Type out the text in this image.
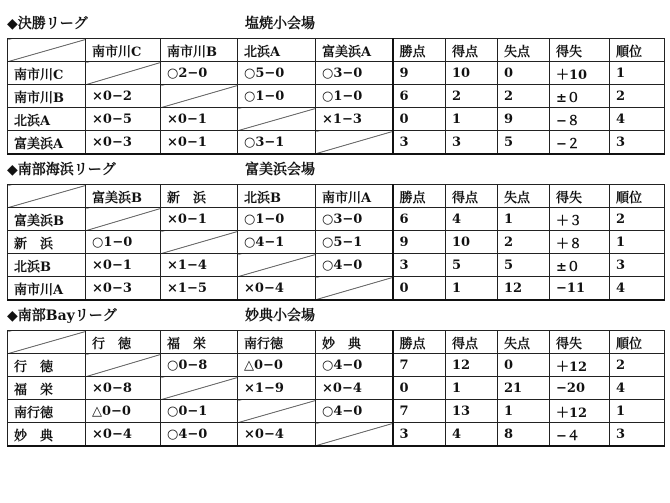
◆決勝リーグ	塩焼小会場
	南市川C	南市川B	北浜A	富美浜A	勝点	得点	失点	得失	順位
南市川C		○2−0	○5−0	○3−0	9	10	0	＋10	1
南市川B	×0−2		○1−0	○1−0	6	2	2	±０	2
北浜A	×0−5	×0−1		×1−3	0	1	9	−８	4
富美浜A	×0−3	×0−1	○3−1		3	3	5	−２	3
◆南部海浜リーグ	富美浜会場
	富美浜B	新　浜	北浜B	南市川A	勝点	得点	失点	得失	順位
富美浜B		×0−1	○1−0	○3−0	6	4	1	＋３	2
新　浜	○1−0		○4−1	○5−1	9	10	2	＋８	1
北浜B	×0−1	×1−4		○4−0	3	5	5	±０	3
南市川A	×0−3	×1−5	×0−4		0	1	12	−11	4
◆南部Bayリーグ	妙典小会場
	行　徳	福　栄	南行徳	妙　典	勝点	得点	失点	得失	順位
行　徳		○0−8	△0−0	○4−0	7	12	0	＋12	2
福　栄	×0−8		×1−9	×0−4	0	1	21	−20	4
南行徳	△0−0	○0−1		○4−0	7	13	1	＋12	1
妙　典	×0−4	○4−0	×0−4		3	4	8	−４	3
